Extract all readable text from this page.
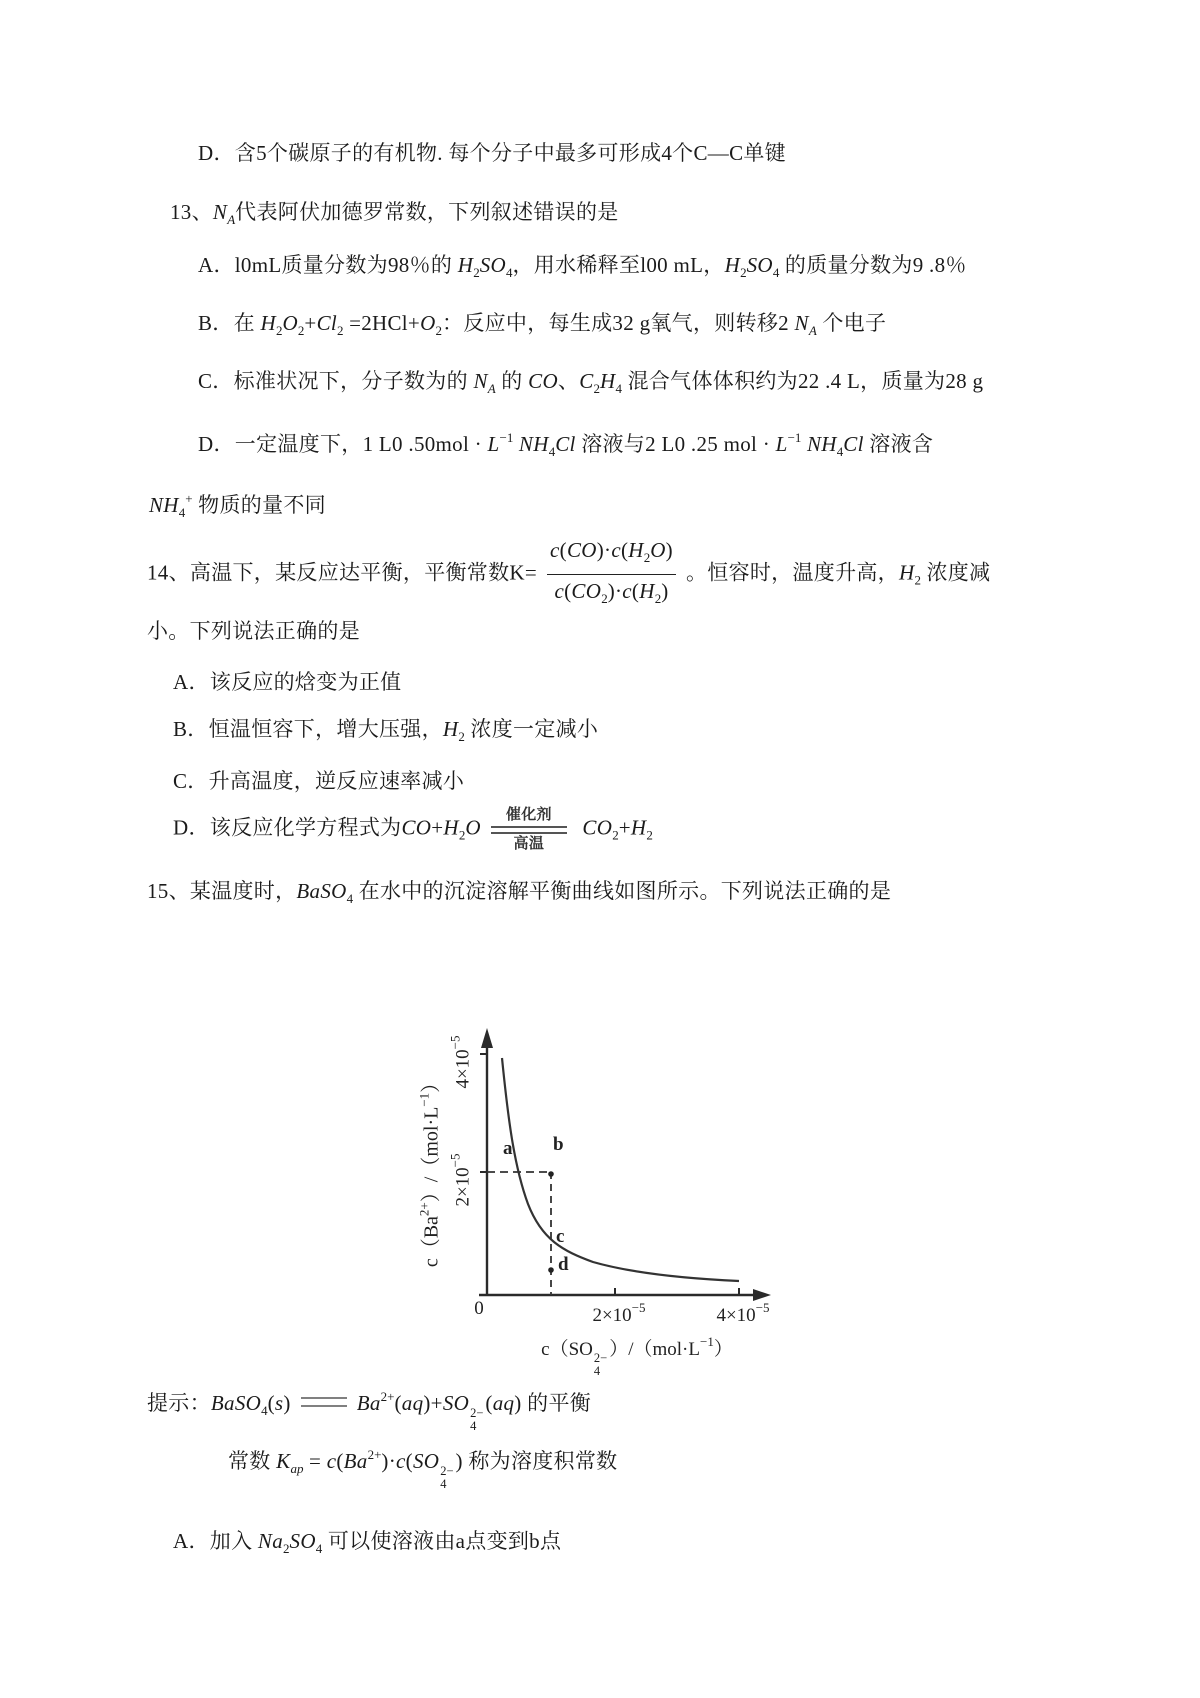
D．含5个碳原子的有机物. 每个分子中最多可形成4个C—C单键
13、$N_A$代表阿伏加德罗常数，下列叙述错误的是
A．l0mL质量分数为98％的 $H_2SO_4$，用水稀释至l00 mL，$H_2SO_4$ 的质量分数为9 .8％
B．在 $H_2O_2+Cl_2 =2HCl+O_2$：反应中，每生成32 g氧气，则转移2 $N_A$ 个电子
C．标准状况下，分子数为的 $N_A$ 的 CO、$C_2H_4$ 混合气体体积约为22 .4 L，质量为28 g
D．一定温度下，1 L0 $.50mol \cdot L^{-1}$ $NH_4Cl$ 溶液与2 L0 .25 mol · $L^{-1}$ $NH_4Cl$ 溶液含
$NH_4^+$ 物质的量不同
14、高温下，某反应达平衡，平衡常数$K= \frac{c(CO)\cdot c(H_2O)}{c(CO_2)\cdot c(H_2)}$ 。恒容时，温度升高，$H_2$ 浓度减
小。下列说法正确的是
A．该反应的焓变为正值
B．恒温恒容下，增大压强，$H_2$ 浓度一定减小
C．升高温度，逆反应速率减小
D．该反应化学方程式为$CO+H_2O$
催化剂
高温
$CO_2+H_2$
15、某温度时，BaSO$_4$ 在水中的沉淀溶解平衡曲线如图所示。下列说法正确的是
$c(Ba^{2+})/(mol\cdot L^{-1})$ $4\times 10^{-5}$
$2\times 10^{-5}$
0	$2\times 10^{-5}$	$4\times 10^{-5}$
c（SO 2−
4
）$/(mol\cdot L^{-1})$
a b
c
d
提示：BaSO$_4$(s)	$Ba^{2+}(aq)+SO$ 2−
4
(aq) 的平衡
常数 $K_{ap} = c(Ba^{2+})\cdot c(SO$ 2−
4
) 称为溶度积常数
A．加入 $Na_2SO_4$ 可以使溶液由a点变到b点
